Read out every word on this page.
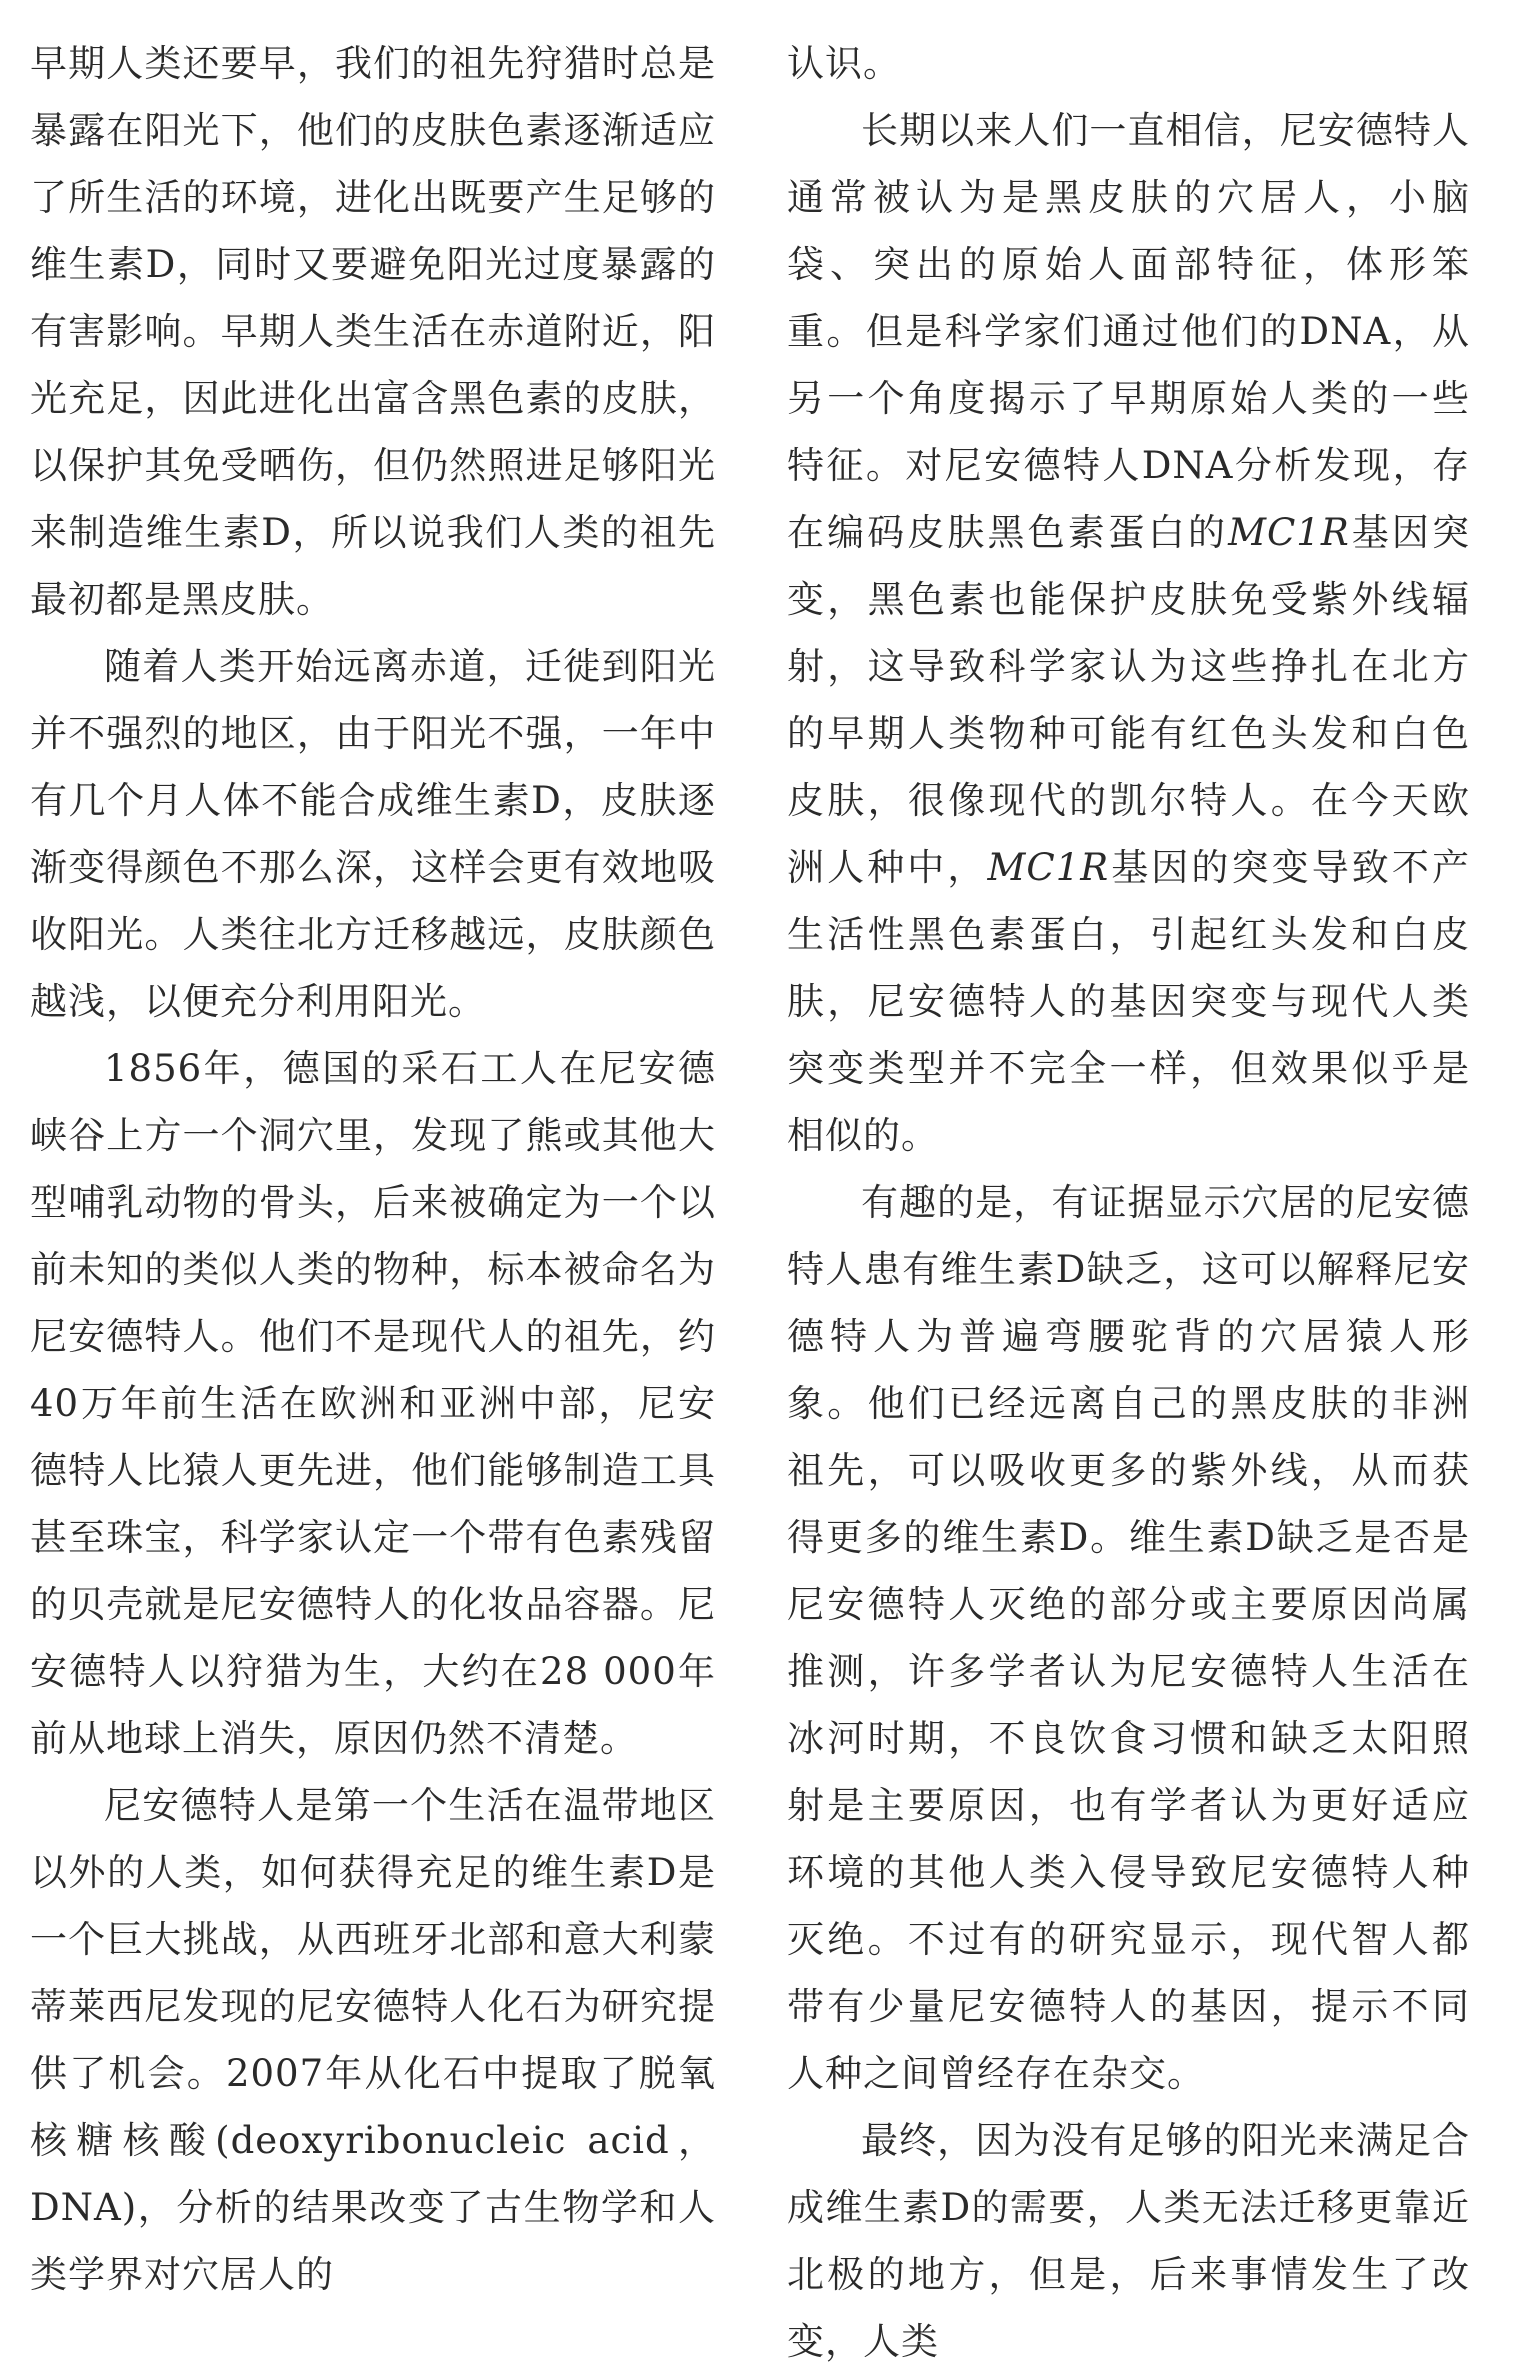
早期人类还要早，我们的祖先狩猎时总是暴露在阳光下，他们的皮肤色素逐渐适应了所生活的环境，进化出既要产生足够的维生素D，同时又要避免阳光过度暴露的有害影响。早期人类生活在赤道附近，阳光充足，因此进化出富含黑色素的皮肤，以保护其免受晒伤，但仍然照进足够阳光来制造维生素D，所以说我们人类的祖先最初都是黑皮肤。

随着人类开始远离赤道，迁徙到阳光并不强烈的地区，由于阳光不强，一年中有几个月人体不能合成维生素D，皮肤逐渐变得颜色不那么深，这样会更有效地吸收阳光。人类往北方迁移越远，皮肤颜色越浅，以便充分利用阳光。

1856年，德国的采石工人在尼安德峡谷上方一个洞穴里，发现了熊或其他大型哺乳动物的骨头，后来被确定为一个以前未知的类似人类的物种，标本被命名为尼安德特人。他们不是现代人的祖先，约40万年前生活在欧洲和亚洲中部，尼安德特人比猿人更先进，他们能够制造工具甚至珠宝，科学家认定一个带有色素残留的贝壳就是尼安德特人的化妆品容器。尼安德特人以狩猎为生，大约在28 000年前从地球上消失，原因仍然不清楚。

尼安德特人是第一个生活在温带地区以外的人类，如何获得充足的维生素D是一个巨大挑战，从西班牙北部和意大利蒙蒂莱西尼发现的尼安德特人化石为研究提供了机会。2007年从化石中提取了脱氧核糖核酸(deoxyribonucleic acid，DNA)，分析的结果改变了古生物学和人类学界对穴居人的

认识。

长期以来人们一直相信，尼安德特人通常被认为是黑皮肤的穴居人，小脑袋、突出的原始人面部特征，体形笨重。但是科学家们通过他们的DNA，从另一个角度揭示了早期原始人类的一些特征。对尼安德特人DNA分析发现，存在编码皮肤黑色素蛋白的MC1R基因突变，黑色素也能保护皮肤免受紫外线辐射，这导致科学家认为这些挣扎在北方的早期人类物种可能有红色头发和白色皮肤，很像现代的凯尔特人。在今天欧洲人种中，MC1R基因的突变导致不产生活性黑色素蛋白，引起红头发和白皮肤，尼安德特人的基因突变与现代人类突变类型并不完全一样，但效果似乎是相似的。

有趣的是，有证据显示穴居的尼安德特人患有维生素D缺乏，这可以解释尼安德特人为普遍弯腰驼背的穴居猿人形象。他们已经远离自己的黑皮肤的非洲祖先，可以吸收更多的紫外线，从而获得更多的维生素D。维生素D缺乏是否是尼安德特人灭绝的部分或主要原因尚属推测，许多学者认为尼安德特人生活在冰河时期，不良饮食习惯和缺乏太阳照射是主要原因，也有学者认为更好适应环境的其他人类入侵导致尼安德特人种灭绝。不过有的研究显示，现代智人都带有少量尼安德特人的基因，提示不同人种之间曾经存在杂交。

最终，因为没有足够的阳光来满足合成维生素D的需要，人类无法迁移更靠近北极的地方，但是，后来事情发生了改变，人类
